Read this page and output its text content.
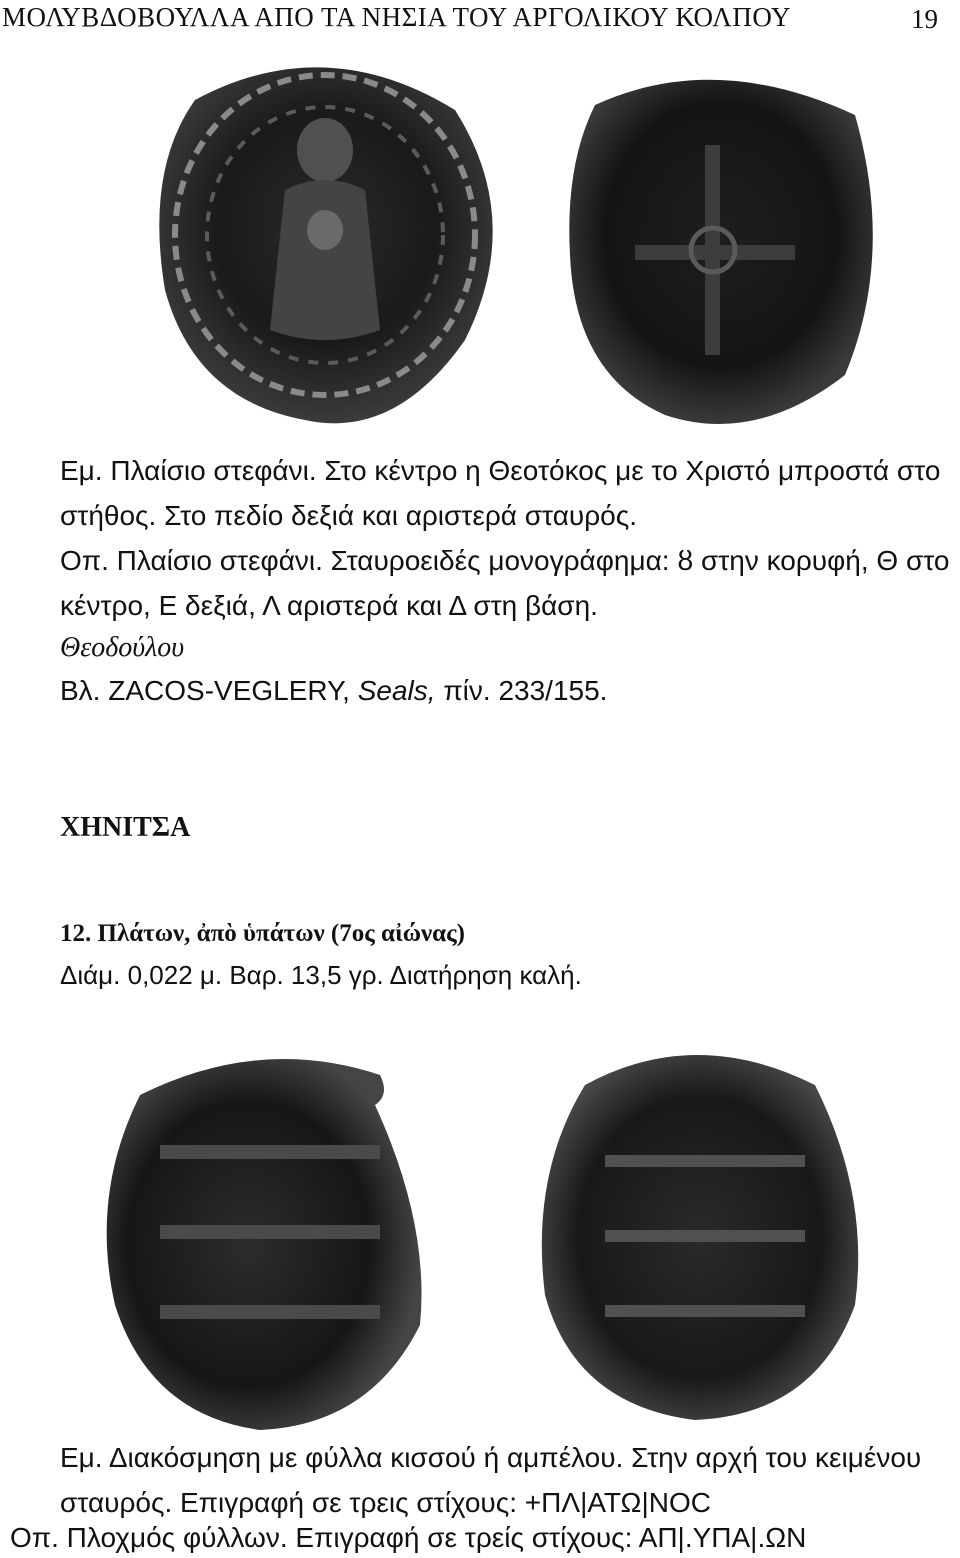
ΜΟΛΥΒΔΟΒΟΥΛΛΑ ΑΠΟ ΤΑ ΝΗΣΙΑ ΤΟΥ ΑΡΓΟΛΙΚΟΥ ΚΟΛΠΟΥ	19
Εμ. Πλαίσιο στεφάνι. Στο κέντρο η Θεοτόκος με το Χριστό μπροστά στο
στήθος. Στο πεδίο δεξιά και αριστερά σταυρός.
Οπ. Πλαίσιο στεφάνι. Σταυροειδές μονογράφημα: ȣ στην κορυφή, Θ στο
κέντρο, Ε δεξιά, Λ αριστερά και Δ στη βάση.
Θεοδούλου
Βλ. ZACOS-VEGLERY, Seals, πίν. 233/155.
ΧΗΝΙΤΣΑ
12. Πλάτων, ἀπὸ ὑπάτων (7ος αἰώνας)
Διάμ. 0,022 μ. Βαρ. 13,5 γρ. Διατήρηση καλή.
Εμ. Διακόσμηση με φύλλα κισσού ή αμπέλου. Στην αρχή του κειμένου
σταυρός. Επιγραφή σε τρεις στίχους: +ΠΛ|ΑΤΩ|ΝΟϹ
Οπ. Πλοχμός φύλλων. Επιγραφή σε τρείς στίχους: ΑΠ|.ΥΠΑ|.ΩΝ
